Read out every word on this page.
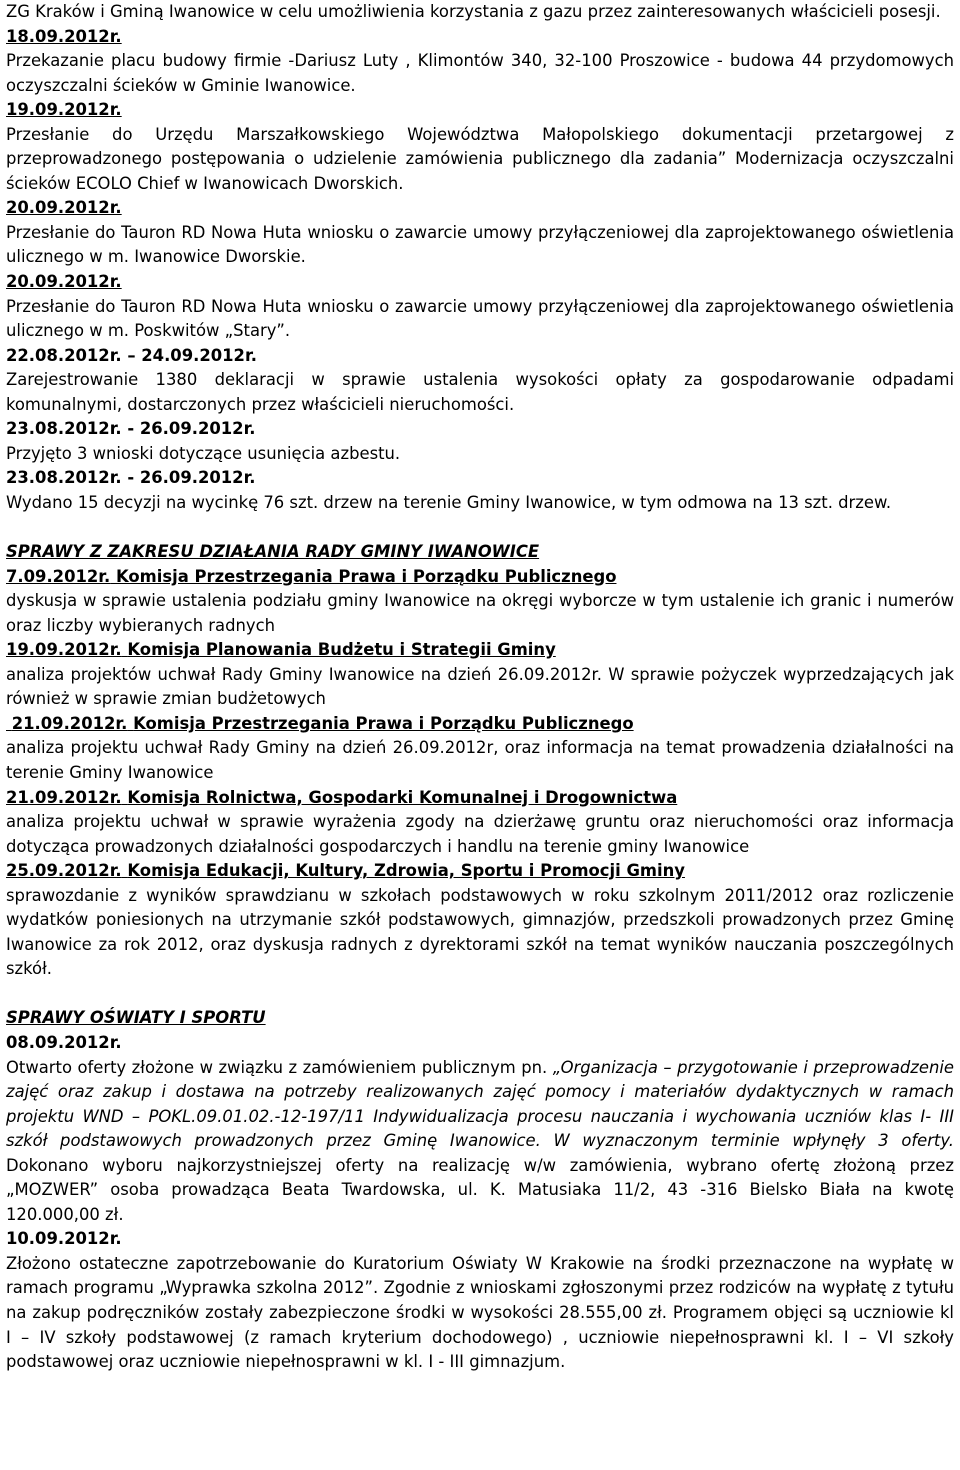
ZG Kraków i Gminą Iwanowice w celu umożliwienia korzystania z gazu przez zainteresowanych właścicieli posesji.

18.09.2012r.

Przekazanie placu budowy firmie -Dariusz Luty , Klimontów 340, 32-100 Proszowice - budowa 44 przydomowych oczyszczalni ścieków w Gminie Iwanowice.

19.09.2012r.

Przesłanie do Urzędu Marszałkowskiego Województwa Małopolskiego dokumentacji przetargowej z przeprowadzonego postępowania o udzielenie zamówienia publicznego dla zadania” Modernizacja oczyszczalni ścieków ECOLO Chief w Iwanowicach Dworskich.

20.09.2012r.

Przesłanie do Tauron RD Nowa Huta wniosku o zawarcie umowy przyłączeniowej dla zaprojektowanego oświetlenia ulicznego w m. Iwanowice Dworskie.

20.09.2012r.

Przesłanie do Tauron RD Nowa Huta wniosku o zawarcie umowy przyłączeniowej dla zaprojektowanego oświetlenia ulicznego w m. Poskwitów „Stary”.

22.08.2012r. – 24.09.2012r.

Zarejestrowanie 1380 deklaracji w sprawie ustalenia wysokości opłaty za gospodarowanie odpadami komunalnymi, dostarczonych przez właścicieli nieruchomości.

23.08.2012r. - 26.09.2012r.

Przyjęto 3 wnioski dotyczące usunięcia azbestu.

23.08.2012r. - 26.09.2012r.

Wydano 15 decyzji na wycinkę 76 szt. drzew na terenie Gminy Iwanowice, w tym odmowa na 13 szt. drzew.

SPRAWY Z ZAKRESU DZIAŁANIA RADY GMINY IWANOWICE

7.09.2012r. Komisja Przestrzegania Prawa i Porządku Publicznego

dyskusja w sprawie ustalenia podziału gminy Iwanowice na okręgi wyborcze w tym ustalenie ich granic i numerów oraz liczby wybieranych radnych

19.09.2012r. Komisja Planowania Budżetu i Strategii Gminy

analiza projektów uchwał Rady Gminy Iwanowice na dzień 26.09.2012r. W sprawie pożyczek wyprzedzających jak również w sprawie zmian budżetowych

21.09.2012r. Komisja Przestrzegania Prawa i Porządku Publicznego

analiza projektu uchwał Rady Gminy na dzień 26.09.2012r, oraz informacja na temat prowadzenia działalności na terenie Gminy Iwanowice

21.09.2012r. Komisja Rolnictwa, Gospodarki Komunalnej i Drogownictwa

analiza projektu uchwał w sprawie wyrażenia zgody na dzierżawę gruntu oraz nieruchomości oraz informacja dotycząca prowadzonych działalności gospodarczych i handlu na terenie gminy Iwanowice

25.09.2012r. Komisja Edukacji, Kultury, Zdrowia, Sportu i Promocji Gminy

sprawozdanie z wyników sprawdzianu w szkołach podstawowych w roku szkolnym 2011/2012 oraz rozliczenie wydatków poniesionych na utrzymanie szkół podstawowych, gimnazjów, przedszkoli prowadzonych przez Gminę Iwanowice za rok 2012, oraz dyskusja radnych z dyrektorami szkół na temat wyników nauczania poszczególnych szkół.

SPRAWY OŚWIATY I SPORTU

08.09.2012r.

Otwarto oferty złożone w związku z zamówieniem publicznym pn. „Organizacja – przygotowanie i przeprowadzenie zajęć oraz zakup i dostawa na potrzeby realizowanych zajęć pomocy i materiałów dydaktycznych w ramach projektu WND – POKL.09.01.02.-12-197/11 Indywidualizacja procesu nauczania i wychowania uczniów klas I- III szkół podstawowych prowadzonych przez Gminę Iwanowice. W wyznaczonym terminie wpłynęły 3 oferty. Dokonano wyboru najkorzystniejszej oferty na realizację w/w zamówienia, wybrano ofertę złożoną przez „MOZWER” osoba prowadząca Beata Twardowska, ul. K. Matusiaka 11/2, 43 -316 Bielsko Biała na kwotę 120.000,00 zł.

10.09.2012r.

Złożono ostateczne zapotrzebowanie do Kuratorium Oświaty W Krakowie na środki przeznaczone na wypłatę w ramach programu „Wyprawka szkolna 2012”. Zgodnie z wnioskami zgłoszonymi przez rodziców na wypłatę z tytułu na zakup podręczników zostały zabezpieczone środki w wysokości 28.555,00 zł. Programem objęci są uczniowie kl I – IV szkoły podstawowej (z ramach kryterium dochodowego) , uczniowie niepełnosprawni kl. I – VI szkoły podstawowej oraz uczniowie niepełnosprawni w kl. I - III gimnazjum.
